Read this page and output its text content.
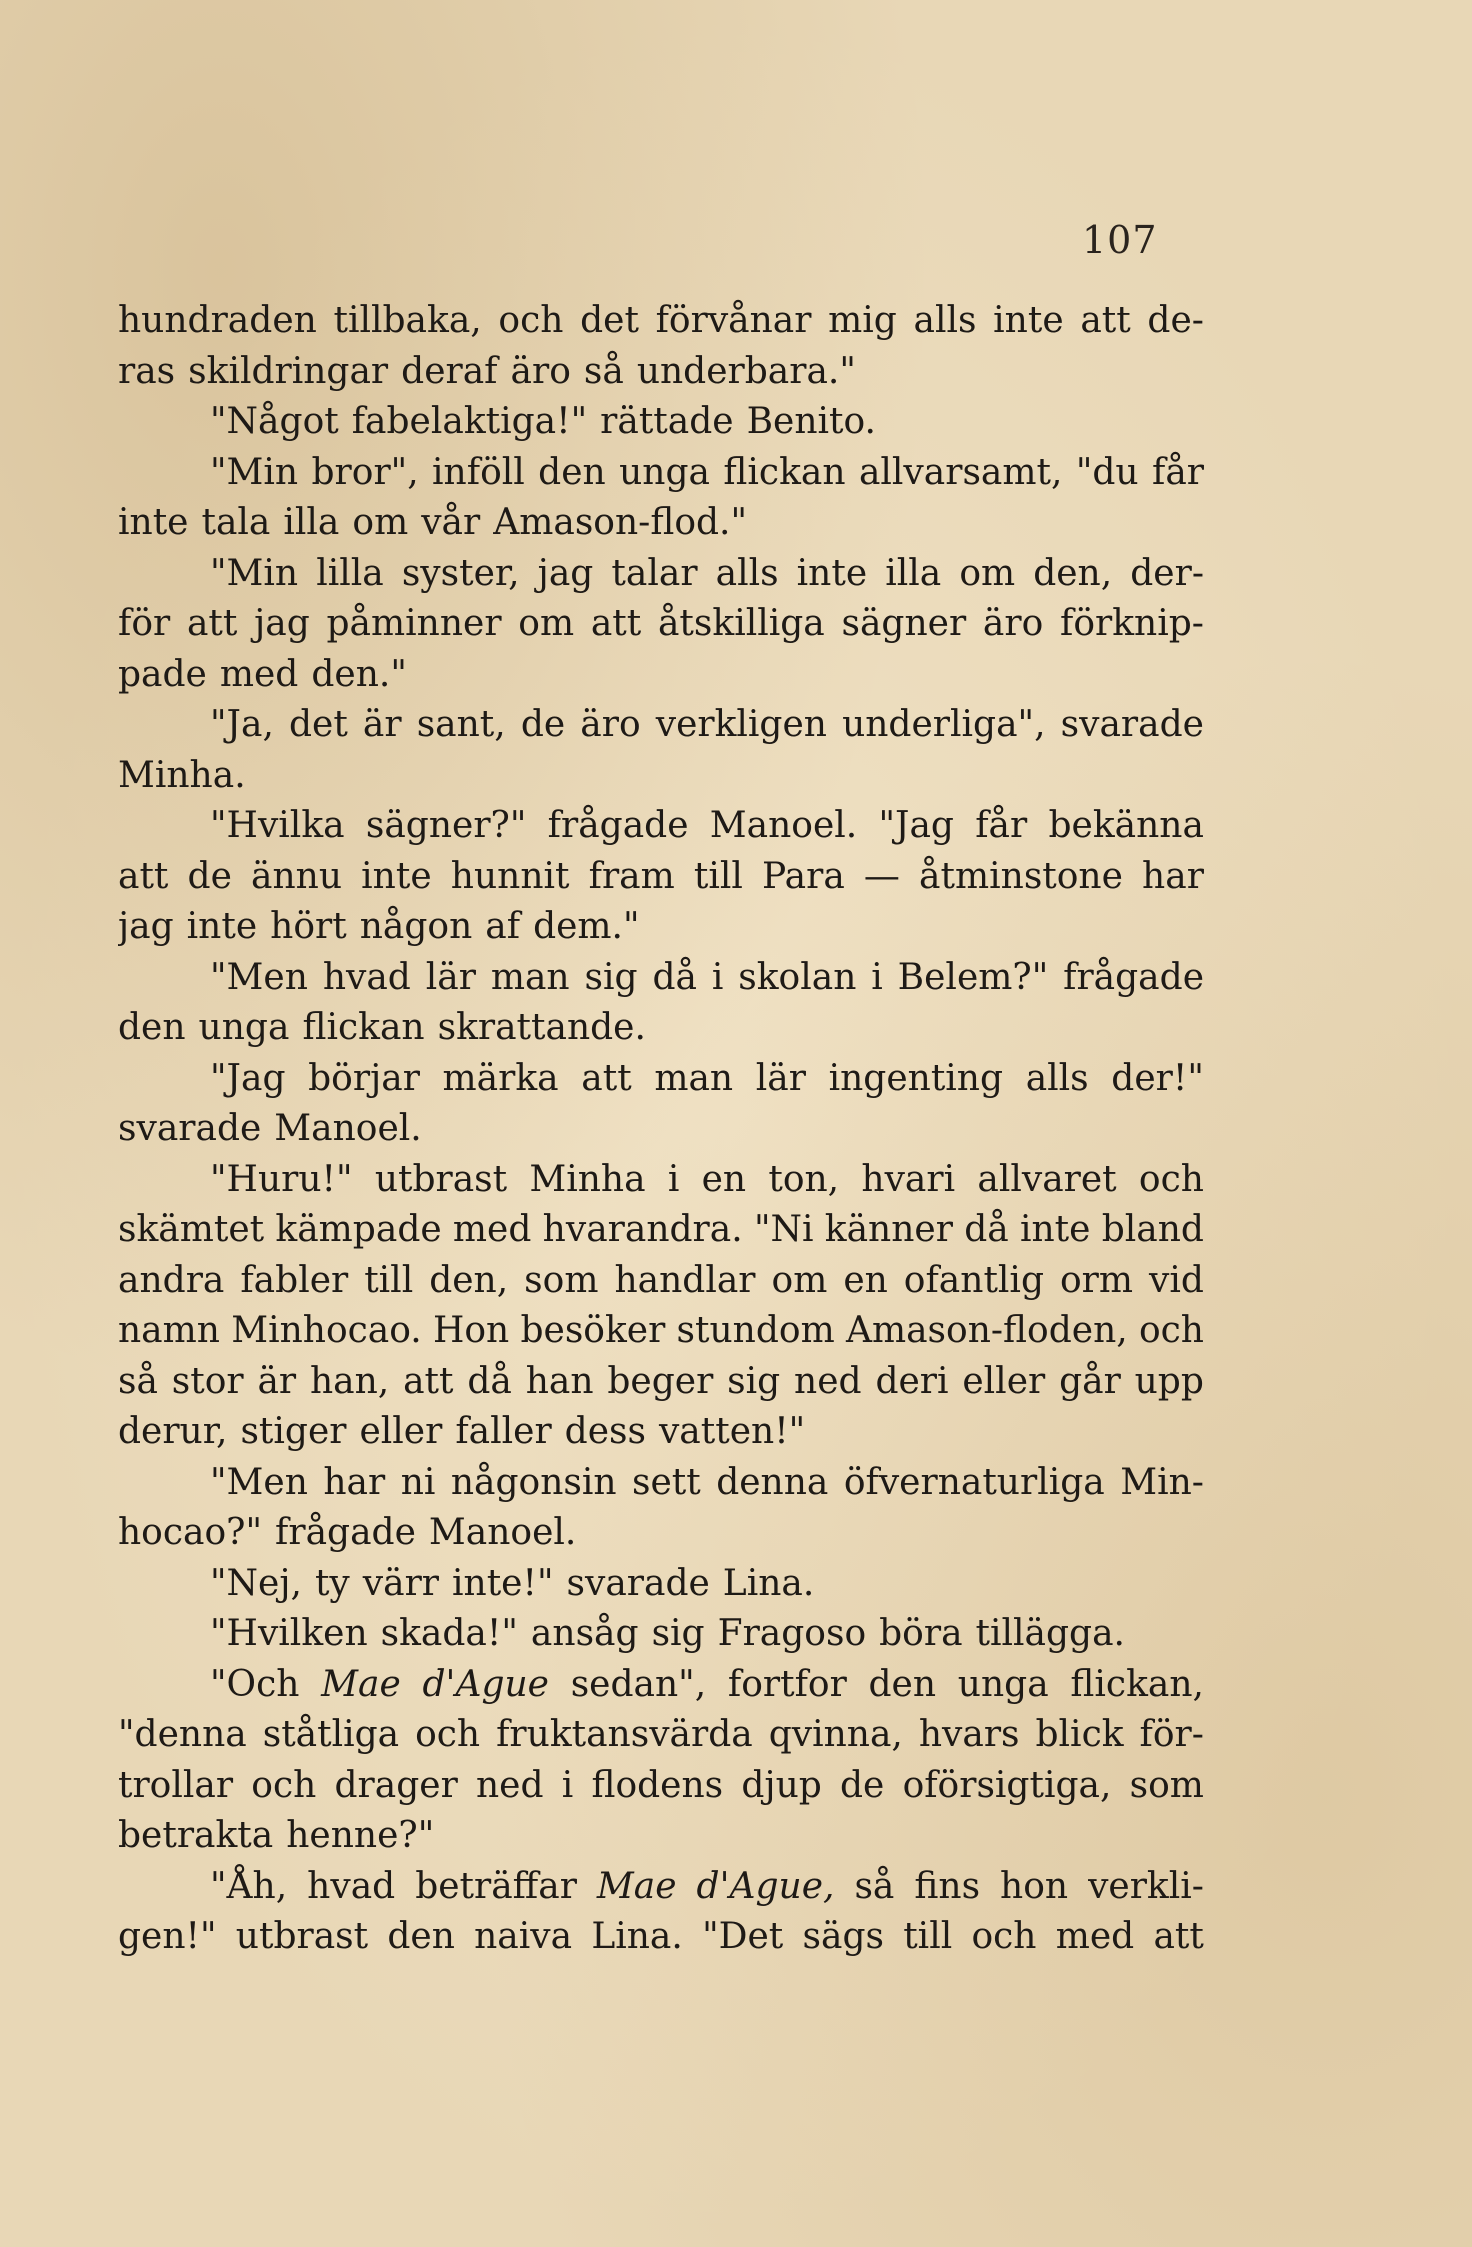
107
hundraden tillbaka, och det förvånar mig alls inte att de-
ras skildringar deraf äro så underbara."
"Något fabelaktiga!" rättade Benito.
"Min bror", inföll den unga flickan allvarsamt, "du får
inte tala illa om vår Amason-flod."
"Min lilla syster, jag talar alls inte illa om den, der-
för att jag påminner om att åtskilliga sägner äro förknip-
pade med den."
"Ja, det är sant, de äro verkligen underliga", svarade
Minha.
"Hvilka sägner?" frågade Manoel. "Jag får bekänna
att de ännu inte hunnit fram till Para — åtminstone har
jag inte hört någon af dem."
"Men hvad lär man sig då i skolan i Belem?" frågade
den unga flickan skrattande.
"Jag börjar märka att man lär ingenting alls der!"
svarade Manoel.
"Huru!" utbrast Minha i en ton, hvari allvaret och
skämtet kämpade med hvarandra. "Ni känner då inte bland
andra fabler till den, som handlar om en ofantlig orm vid
namn Minhocao. Hon besöker stundom Amason-floden, och
så stor är han, att då han beger sig ned deri eller går upp
derur, stiger eller faller dess vatten!"
"Men har ni någonsin sett denna öfvernaturliga Min-
hocao?" frågade Manoel.
"Nej, ty värr inte!" svarade Lina.
"Hvilken skada!" ansåg sig Fragoso böra tillägga.
"Och Mae d'Ague sedan", fortfor den unga flickan,
"denna ståtliga och fruktansvärda qvinna, hvars blick för-
trollar och drager ned i flodens djup de oförsigtiga, som
betrakta henne?"
"Åh, hvad beträffar Mae d'Ague, så fins hon verkli-
gen!" utbrast den naiva Lina. "Det sägs till och med att
